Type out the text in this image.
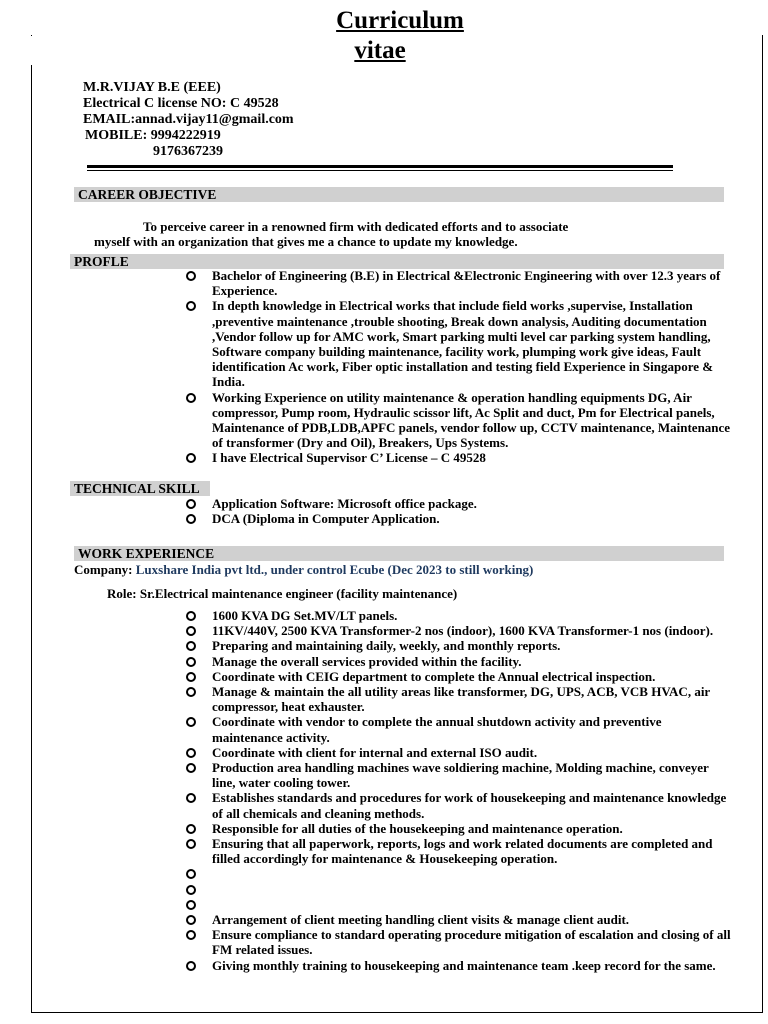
Curriculum
vitae
M.R.VIJAY B.E (EEE)
Electrical C license NO: C 49528
EMAIL:annad.vijay11@gmail.com
MOBILE: 9994222919
9176367239
CAREER OBJECTIVE
To perceive career in a renowned firm with dedicated efforts and to associate
myself with an organization that gives me a chance to update my knowledge.
PROFLE
Bachelor of Engineering (B.E) in Electrical &Electronic Engineering with over 12.3 years of Experience.
In depth knowledge in Electrical works that include field works ,supervise, Installation ,preventive maintenance ,trouble shooting, Break down analysis, Auditing documentation ,Vendor follow up for AMC work, Smart parking multi level car parking system handling, Software company building maintenance, facility work, plumping work give ideas, Fault identification Ac work, Fiber optic installation and testing field Experience in Singapore & India.
Working Experience on utility maintenance & operation handling equipments DG, Air compressor, Pump room, Hydraulic scissor lift, Ac Split and duct, Pm for Electrical panels, Maintenance of PDB,LDB,APFC panels, vendor follow up, CCTV maintenance, Maintenance of transformer (Dry and Oil), Breakers, Ups Systems.
I have Electrical Supervisor C’ License – C 49528
TECHNICAL SKILL
Application Software: Microsoft office package.
DCA (Diploma in Computer Application.
WORK EXPERIENCE
Company: Luxshare India pvt ltd., under control Ecube (Dec 2023 to still working)
Role: Sr.Electrical maintenance engineer (facility maintenance)
1600 KVA DG Set.MV/LT panels.
11KV/440V, 2500 KVA Transformer-2 nos (indoor), 1600 KVA Transformer-1 nos (indoor).
Preparing and maintaining daily, weekly, and monthly reports.
Manage the overall services provided within the facility.
Coordinate with CEIG department to complete the Annual electrical inspection.
Manage & maintain the all utility areas like transformer, DG, UPS, ACB, VCB HVAC, air compressor, heat exhauster.
Coordinate with vendor to complete the annual shutdown activity and preventive maintenance activity.
Coordinate with client for internal and external ISO audit.
Production area handling machines wave soldiering machine, Molding machine, conveyer line, water cooling tower.
Establishes standards and procedures for work of housekeeping and maintenance knowledge of all chemicals and cleaning methods.
Responsible for all duties of the housekeeping and maintenance operation.
Ensuring that all paperwork, reports, logs and work related documents are completed and filled accordingly for maintenance & Housekeeping operation.
Arrangement of client meeting handling client visits & manage client audit.
Ensure compliance to standard operating procedure mitigation of escalation and closing of all FM related issues.
Giving monthly training to housekeeping and maintenance team .keep record for the same.
